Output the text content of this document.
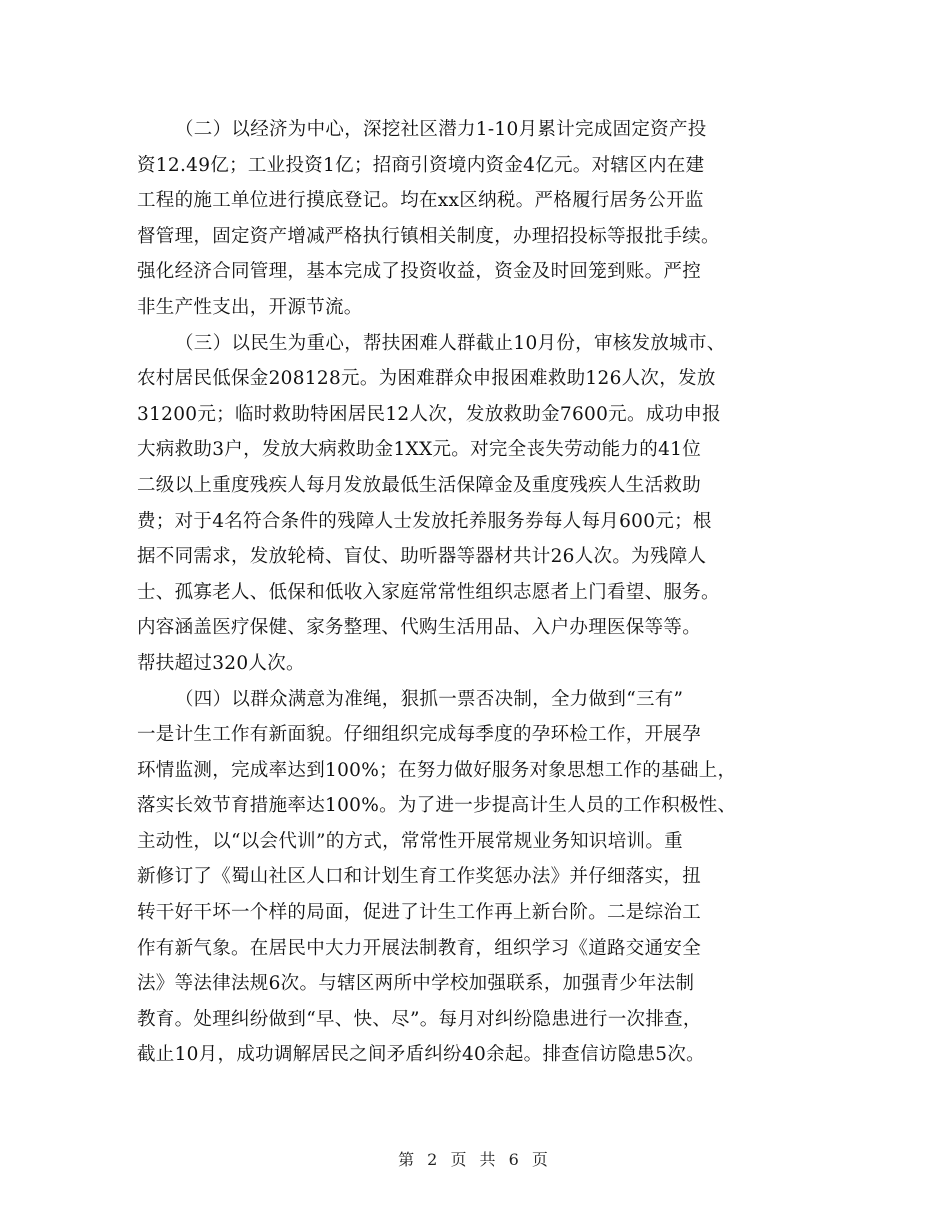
（二）以经济为中心，深挖社区潜力1-10月累计完成固定资产投
资12.49亿；工业投资1亿；招商引资境内资金4亿元。对辖区内在建
工程的施工单位进行摸底登记。均在xx区纳税。严格履行居务公开监
督管理，固定资产增减严格执行镇相关制度，办理招投标等报批手续。
强化经济合同管理，基本完成了投资收益，资金及时回笼到账。严控
非生产性支出，开源节流。
（三）以民生为重心，帮扶困难人群截止10月份，审核发放城市、
农村居民低保金208128元。为困难群众申报困难救助126人次，发放
31200元；临时救助特困居民12人次，发放救助金7600元。成功申报
大病救助3户，发放大病救助金1XX元。对完全丧失劳动能力的41位
二级以上重度残疾人每月发放最低生活保障金及重度残疾人生活救助
费；对于4名符合条件的残障人士发放托养服务券每人每月600元；根
据不同需求，发放轮椅、盲仗、助听器等器材共计26人次。为残障人
士、孤寡老人、低保和低收入家庭常常性组织志愿者上门看望、服务。
内容涵盖医疗保健、家务整理、代购生活用品、入户办理医保等等。
帮扶超过320人次。
（四）以群众满意为准绳，狠抓一票否决制，全力做到“三有”
一是计生工作有新面貌。仔细组织完成每季度的孕环检工作，开展孕
环情监测，完成率达到100%；在努力做好服务对象思想工作的基础上，
落实长效节育措施率达100%。为了进一步提高计生人员的工作积极性、
主动性，以“以会代训”的方式，常常性开展常规业务知识培训。重
新修订了《蜀山社区人口和计划生育工作奖惩办法》并仔细落实，扭
转干好干坏一个样的局面，促进了计生工作再上新台阶。二是综治工
作有新气象。在居民中大力开展法制教育，组织学习《道路交通安全
法》等法律法规6次。与辖区两所中学校加强联系，加强青少年法制
教育。处理纠纷做到“早、快、尽”。每月对纠纷隐患进行一次排查，
截止10月，成功调解居民之间矛盾纠纷40余起。排查信访隐患5次。
第 2 页 共 6 页
